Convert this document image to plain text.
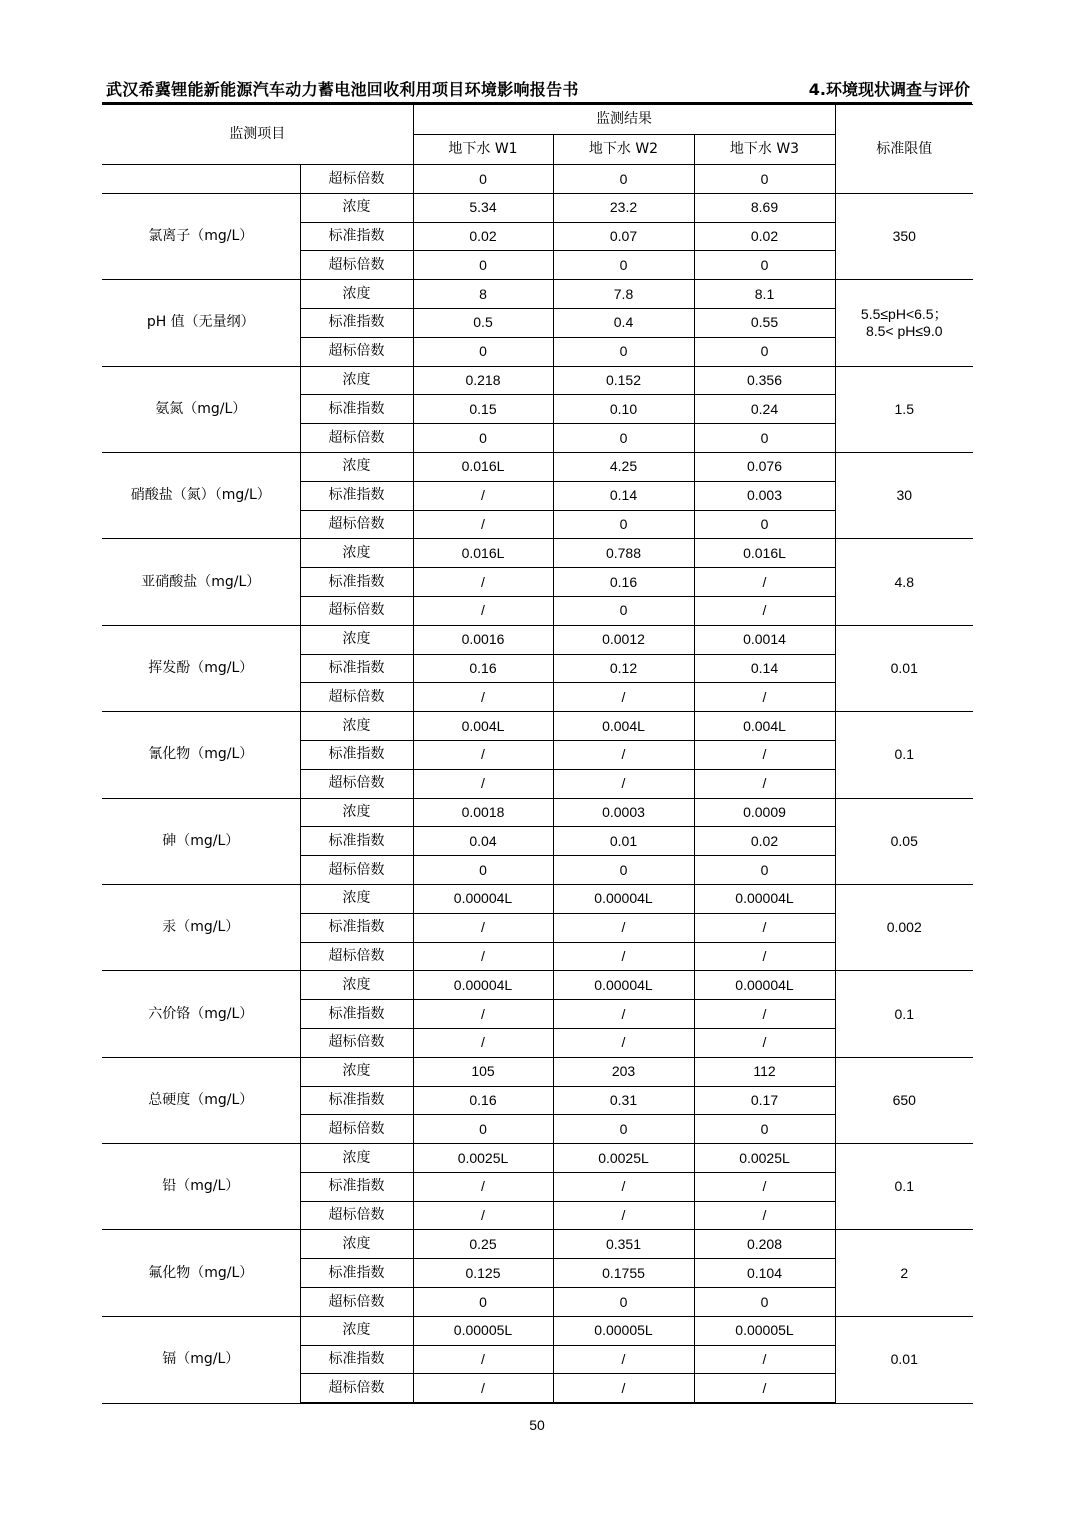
武汉希冀锂能新能源汽车动力蓄电池回收利用项目环境影响报告书	4.环境现状调查与评价
监测项目		监测结果			标准限值
		地下水 W1	地下水 W2	地下水 W3	
	超标倍数	0	0	0	
氯离子（mg/L）	浓度	5.34	23.2	8.69	350

	标准指数	0.02	0.07	0.02	
	超标倍数	0	0	0	
pH 值（无量纲）	浓度	8	7.8	8.1	5.5≤pH<6.5；
8.5< pH≤9.0

	标准指数	0.5	0.4	0.55	
	超标倍数	0	0	0	
氨氮（mg/L）	浓度	0.218	0.152	0.356	1.5

	标准指数	0.15	0.10	0.24	
	超标倍数	0	0	0	
硝酸盐（氮）（mg/L）	浓度	0.016L	4.25	0.076	30

	标准指数	/	0.14	0.003	
	超标倍数	/	0	0	
亚硝酸盐（mg/L）	浓度	0.016L	0.788	0.016L	4.8

	标准指数	/	0.16	/	
	超标倍数	/	0	/	
挥发酚（mg/L）	浓度	0.0016	0.0012	0.0014	0.01

	标准指数	0.16	0.12	0.14	
	超标倍数	/	/	/	
氰化物（mg/L）	浓度	0.004L	0.004L	0.004L	0.1

	标准指数	/	/	/	
	超标倍数	/	/	/	
砷（mg/L）	浓度	0.0018	0.0003	0.0009	0.05

	标准指数	0.04	0.01	0.02	
	超标倍数	0	0	0	
汞（mg/L）	浓度	0.00004L	0.00004L	0.00004L	0.002

	标准指数	/	/	/	
	超标倍数	/	/	/	
六价铬（mg/L）	浓度	0.00004L	0.00004L	0.00004L	0.1

	标准指数	/	/	/	
	超标倍数	/	/	/	
总硬度（mg/L）	浓度	105	203	112	650

	标准指数	0.16	0.31	0.17	
	超标倍数	0	0	0	
铅（mg/L）	浓度	0.0025L	0.0025L	0.0025L	0.1

	标准指数	/	/	/	
	超标倍数	/	/	/	
氟化物（mg/L）	浓度	0.25	0.351	0.208	2

	标准指数	0.125	0.1755	0.104	
	超标倍数	0	0	0	
镉（mg/L）	浓度	0.00005L	0.00005L	0.00005L	0.01

	标准指数	/	/	/	
	超标倍数	/	/	/	
50
